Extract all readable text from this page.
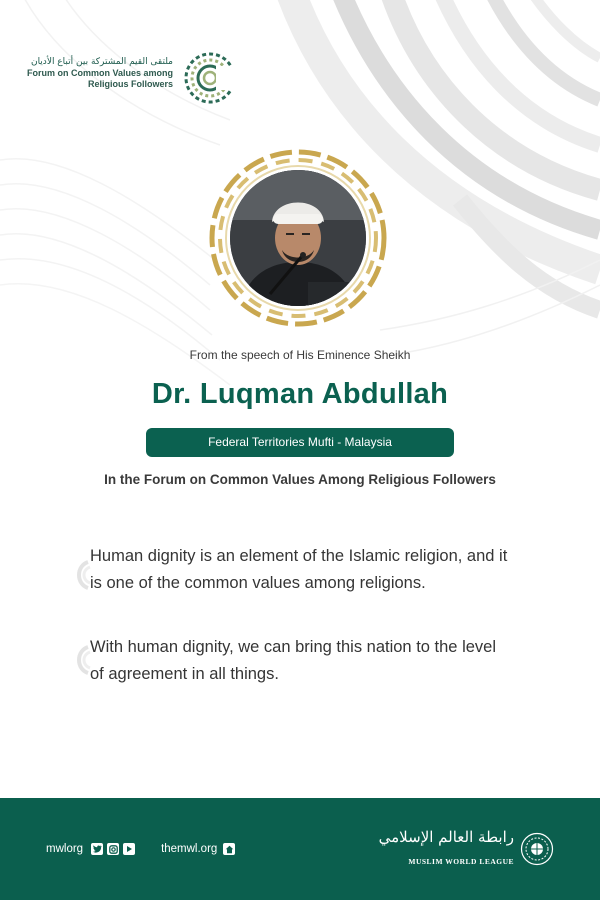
ملتقى القيم المشتركة بين أتباع الأديان
Forum on Common Values among
Religious Followers
From the speech of His Eminence Sheikh
Dr. Luqman Abdullah
Federal Territories Mufti - Malaysia
In the Forum on Common Values Among Religious Followers
Human dignity is an element of the Islamic religion, and it
is one of the common values among religions.
With human dignity, we can bring this nation to the level
of agreement in all things.
mwlorg	themwl.org
رابطة العالم الإسلامي
MUSLIM WORLD LEAGUE
